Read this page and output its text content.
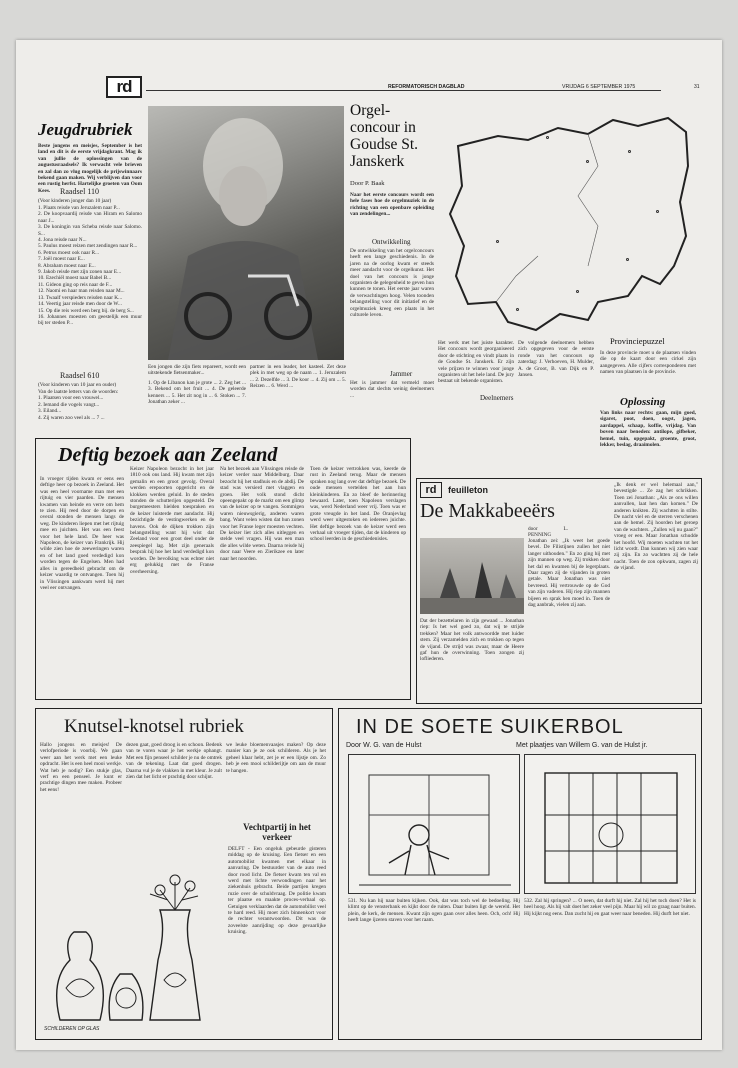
rd	REFORMATORISCH DAGBLAD	VRIJDAG 6 SEPTEMBER 1975	31
Jeugdrubriek
Beste jongens en meisjes, September is het land en dit is de eerste vrijdagkrant. Mag ik van jullie de oplossingen van de augustusraadsels? Ik verwacht vele brieven en zal dan zo vlug mogelijk de prijswinnaars bekend gaan maken. Wij verblijven dan voor een rustig herfst. Hartelijke groeten van Oom Kees.	Raadsel 110
(Voor kinderen jonger dan 10 jaar)
1. Plaats reisde van Jeruzalem naar P...
2. De koopvaardij reisde van Hiram en Salomo naar J...
3. De koningin van Scheba reisde naar Salomo. S...
4. Jona reisde naar N...
5. Paulus moest reizen met zendingen naar R...
6. Petrus moest ook naar R...
7. Joël moest naar E...
8. Abraham moest naar E...
9. Jakob reisde met zijn zonen naar E...
10. Ezechiël moest naar Babel B...
11. Gideon ging op reis naar de F...
12. Naomi en haar man reisden naar M...
13. Twaalf verspieders reisden naar K...
14. Veertig jaar reisde men door de W...
15. Op die reis werd een berg bij. de berg S...
16. Johannes moesten om geestelijk een muur bij ter steden P...
Raadsel 610
(Voor kinderen van 10 jaar en ouder)
Van de laatste letters van de woorden:
1. Plaatsen voor een vrouwel...
2. Iemand die vogels vangt...
3. Eiland...
4. Zij waren zoo veel als ... 7 ...
Een jongen die zijn fiets repareert, wordt een uitstekende fietsenmaker...
1. Op de Libanon kan je grote ... 2. Zeg het ... 3. Bekend om het fruit ... 4. De geleerde kenners ... 5. Het zit nog in ... 6. Stoken ... 7. Jonathan zeker ...
partner in een leader, het kasteel. Zet deze plek in met weg op de naam ... 1. Jeruzalem ... 2. Dezelfde ... 3. De koor ... 4. Zij om ... 5. Reizen ... 6. Werd ...
Orgel-concour in Goudse St. Janskerk
Door P. Baak
Naar het eerste concours wordt een hele fases hoe de orgelmuziek in de richting van een openbare opleiding van zendelingen...
Ontwikkeling
De ontwikkeling van het orgelconcours heeft een lange geschiedenis. In de jaren na de oorlog kwam er steeds meer aandacht voor de orgelkunst. Het doel van het concours is jonge organisten de gelegenheid te geven hun kunnen te tonen. Het eerste jaar waren de verwachtingen hoog. Velen toonden belangstelling voor dit initiatief en de orgelmuziek kreeg een plaats in het culturele leven.
Jammer
Het is jammer dat vermeld moet worden dat slechts weinig deelnemers ...
Het werk met het juiste karakter. Het concours wordt georganiseerd door de stichting en vindt plaats in de Goudse St. Janskerk. Er zijn vele prijzen te winnen voor jonge organisten uit het hele land. De jury bestaat uit bekende organisten.
De volgende deelnemers hebben zich opgegeven voor de eerste ronde van het concours op zaterdag: J. Verhoeven, H. Mulder, A. de Groot, B. van Dijk en P. Jansen.
Deelnemers
Provinciepuzzel
In deze provincie moet u de plaatsen vinden die op de kaart door een cirkel zijn aangegeven. Alle cijfers corresponderen met namen van plaatsen in de provincie.
Oplossing
Van links naar rechts: gaan, mijn goed, sigaret, poot, doen, oogst, jagen, aardappel, schaap, koffie, vrijdag. Van boven naar beneden: antilope, gifbeker, hemel, tuin, opgepakt, groente, groot, lekker, beslag, draaimolen.
Deftig bezoek aan Zeeland
In vroeger tijden kwam er eens een deftige heer op bezoek in Zeeland. Het was een heel voorname man met een rijtuig en vier paarden. De mensen kwamen van heinde en verre om hem te zien. Hij reed door de dorpen en overal stonden de mensen langs de weg. De kinderen liepen met het rijtuig mee en juichten. Het was een feest voor het hele land. De heer was Napoleon, de keizer van Frankrijk. Hij wilde zien hoe de zeeweringen waren en of het land goed verdedigd kon worden tegen de Engelsen. Men had alles in gereedheid gebracht om de keizer waardig te ontvangen. Toen hij in Vlissingen aankwam werd hij met veel eer ontvangen.
Keizer Napoleon bezocht in het jaar 1810 ook ons land. Hij kwam met zijn gemalin en een groot gevolg. Overal werden erepoorten opgericht en de klokken werden geluid. In de steden stonden de schutterijen opgesteld. De burgemeesters hielden toespraken en de keizer luisterde met aandacht. Hij bezichtigde de vestingwerken en de havens. Ook de dijken trokken zijn belangstelling want hij wist dat Zeeland voor een groot deel onder de zeespiegel lag. Met zijn generaals besprak hij hoe het land verdedigd kon worden. De bevolking was echter niet erg gelukkig met de Franse overheersing.
Na het bezoek aan Vlissingen reisde de keizer verder naar Middelburg. Daar bezocht hij het stadhuis en de abdij. De stad was versierd met vlaggen en groen. Het volk stond dicht opeengepakt op de markt om een glimp van de keizer op te vangen. Sommigen waren nieuwsgierig, anderen waren bang. Want velen wisten dat hun zonen voor het Franse leger moesten vechten. De keizer liet zich alles uitleggen en stelde veel vragen. Hij was een man die alles wilde weten. Daarna reisde hij door naar Veere en Zierikzee en later naar het noorden.
Toen de keizer vertrokken was, keerde de rust in Zeeland terug. Maar de mensen spraken nog lang over dat deftige bezoek. De oude mensen vertelden het aan hun kleinkinderen. En zo bleef de herinnering bewaard. Later, toen Napoleon verslagen was, werd Nederland weer vrij. Toen was er grote vreugde in het land. De Oranjevlag werd weer uitgestoken en iedereen juichte. Het deftige bezoek van de keizer werd een verhaal uit vroeger tijden, dat de kinderen op school leerden in de geschiedenisles.
rd feuilleton
De Makkabeeërs
door L. PENNING
Dat der bezettelaren in zijn gewaad ... Jonathan riep: Is het wel goed zo, dat wij te strijde trekken? Maar het volk antwoordde met luider stem. Zij verzamelden zich en trokken op tegen de vijand. De strijd was zwaar, maar de Heere gaf hun de overwinning. Toen zongen zij lofliederen.
Jonathan zei: „Ik weet het goede bevel. De Filistijnen zullen het niet langer uithouden." En zo ging hij met zijn mannen op weg. Zij trokken door het dal en kwamen bij de legerplaats. Daar zagen zij de vijanden in groten getale. Maar Jonathan was niet bevreesd. Hij vertrouwde op de God van zijn vaderen. Hij riep zijn mannen bijeen en sprak hen moed in. Toen de dag aanbrak, vielen zij aan.
„Ik denk er wel helemaal aan," bevestigde ... Ze zag het schrikken. Toen zei Jonathan: „Als ze ons willen aanvallen, laat hen dan komen." De anderen knikten. Zij wachtten in stilte. De nacht viel en de sterren verschenen aan de hemel. Zij hoorden het geroep van de wachters. „Zullen wij nu gaan?" vroeg er een. Maar Jonathan schudde het hoofd. Wij moeten wachten tot het licht wordt. Dan kunnen wij zien waar zij zijn. En zo wachtten zij de hele nacht. Toen de zon opkwam, zagen zij de vijand.
Knutsel-knotsel rubriek
Hallo jongens en meisjes! De verlofperiode is voorbij. We gaan weer aan het werk met een leuke opdracht. Het is een heel mooi werkje. Wat heb je nodig? Een stukje glas, verf en een penseel. Je kunt er prachtige dingen mee maken. Probeer het eens!
dezen gaat, goed droog is en schoon. Bedenk van te voren waar je het werkje ophangt. Met een fijn penseel schilder je nu de omtrek van de tekening. Laat dat goed drogen. Daarna vul je de vlakken in met kleur. Je zult zien dat het licht er prachtig door schijnt.
we leuke bloemenvaasjes maken? Op deze manier kan je ze ook schilderen. Als je het geheel klaar hebt, zet je er een lijstje om. Zo heb je een mooi schilderijtje om aan de muur te hangen.
Vechtpartij in het verkeer
DELFT - Een ongeluk gebeurde gisteren middag op de kruising. Een fietser en een automobilist kwamen met elkaar in aanvaring. De bestuurder van de auto reed door rood licht. De fietser kwam ten val en werd met lichte verwondingen naar het ziekenhuis gebracht. Beide partijen kregen ruzie over de schuldvraag. De politie kwam ter plaatse en maakte proces-verbaal op. Getuigen verklaarden dat de automobilist veel te hard reed. Hij moet zich binnenkort voor de rechter verantwoorden. Dit was de zoveelste aanrijding op deze gevaarlijke kruising.
SCHILDEREN OP GLAS
IN DE SOETE SUIKERBOL
Door W. G. van de Hulst	Met plaatjes van Willem G. van de Hulst jr.
531. Nu kan hij naar buiten kijken. Ook, dat was toch wel de bedoeling. Hij klimt op de vensterbank en kijkt door de ruiten. Daar buiten ligt de wereld. Het plein, de kerk, de mensen. Kwant zijn ogen gaan over alles heen. Och, och! Hij heeft lange ijzeren staven voor het raam.
532. Zal hij springen? ... O neen, dat durft hij niet. Zal hij het toch doen? Het is heel hoog. Als hij valt doet het zeker veel pijn. Maar hij wil zo graag naar buiten. Hij kijkt nog eens. Dan zucht hij en gaat weer naar beneden. Hij durft het niet.
